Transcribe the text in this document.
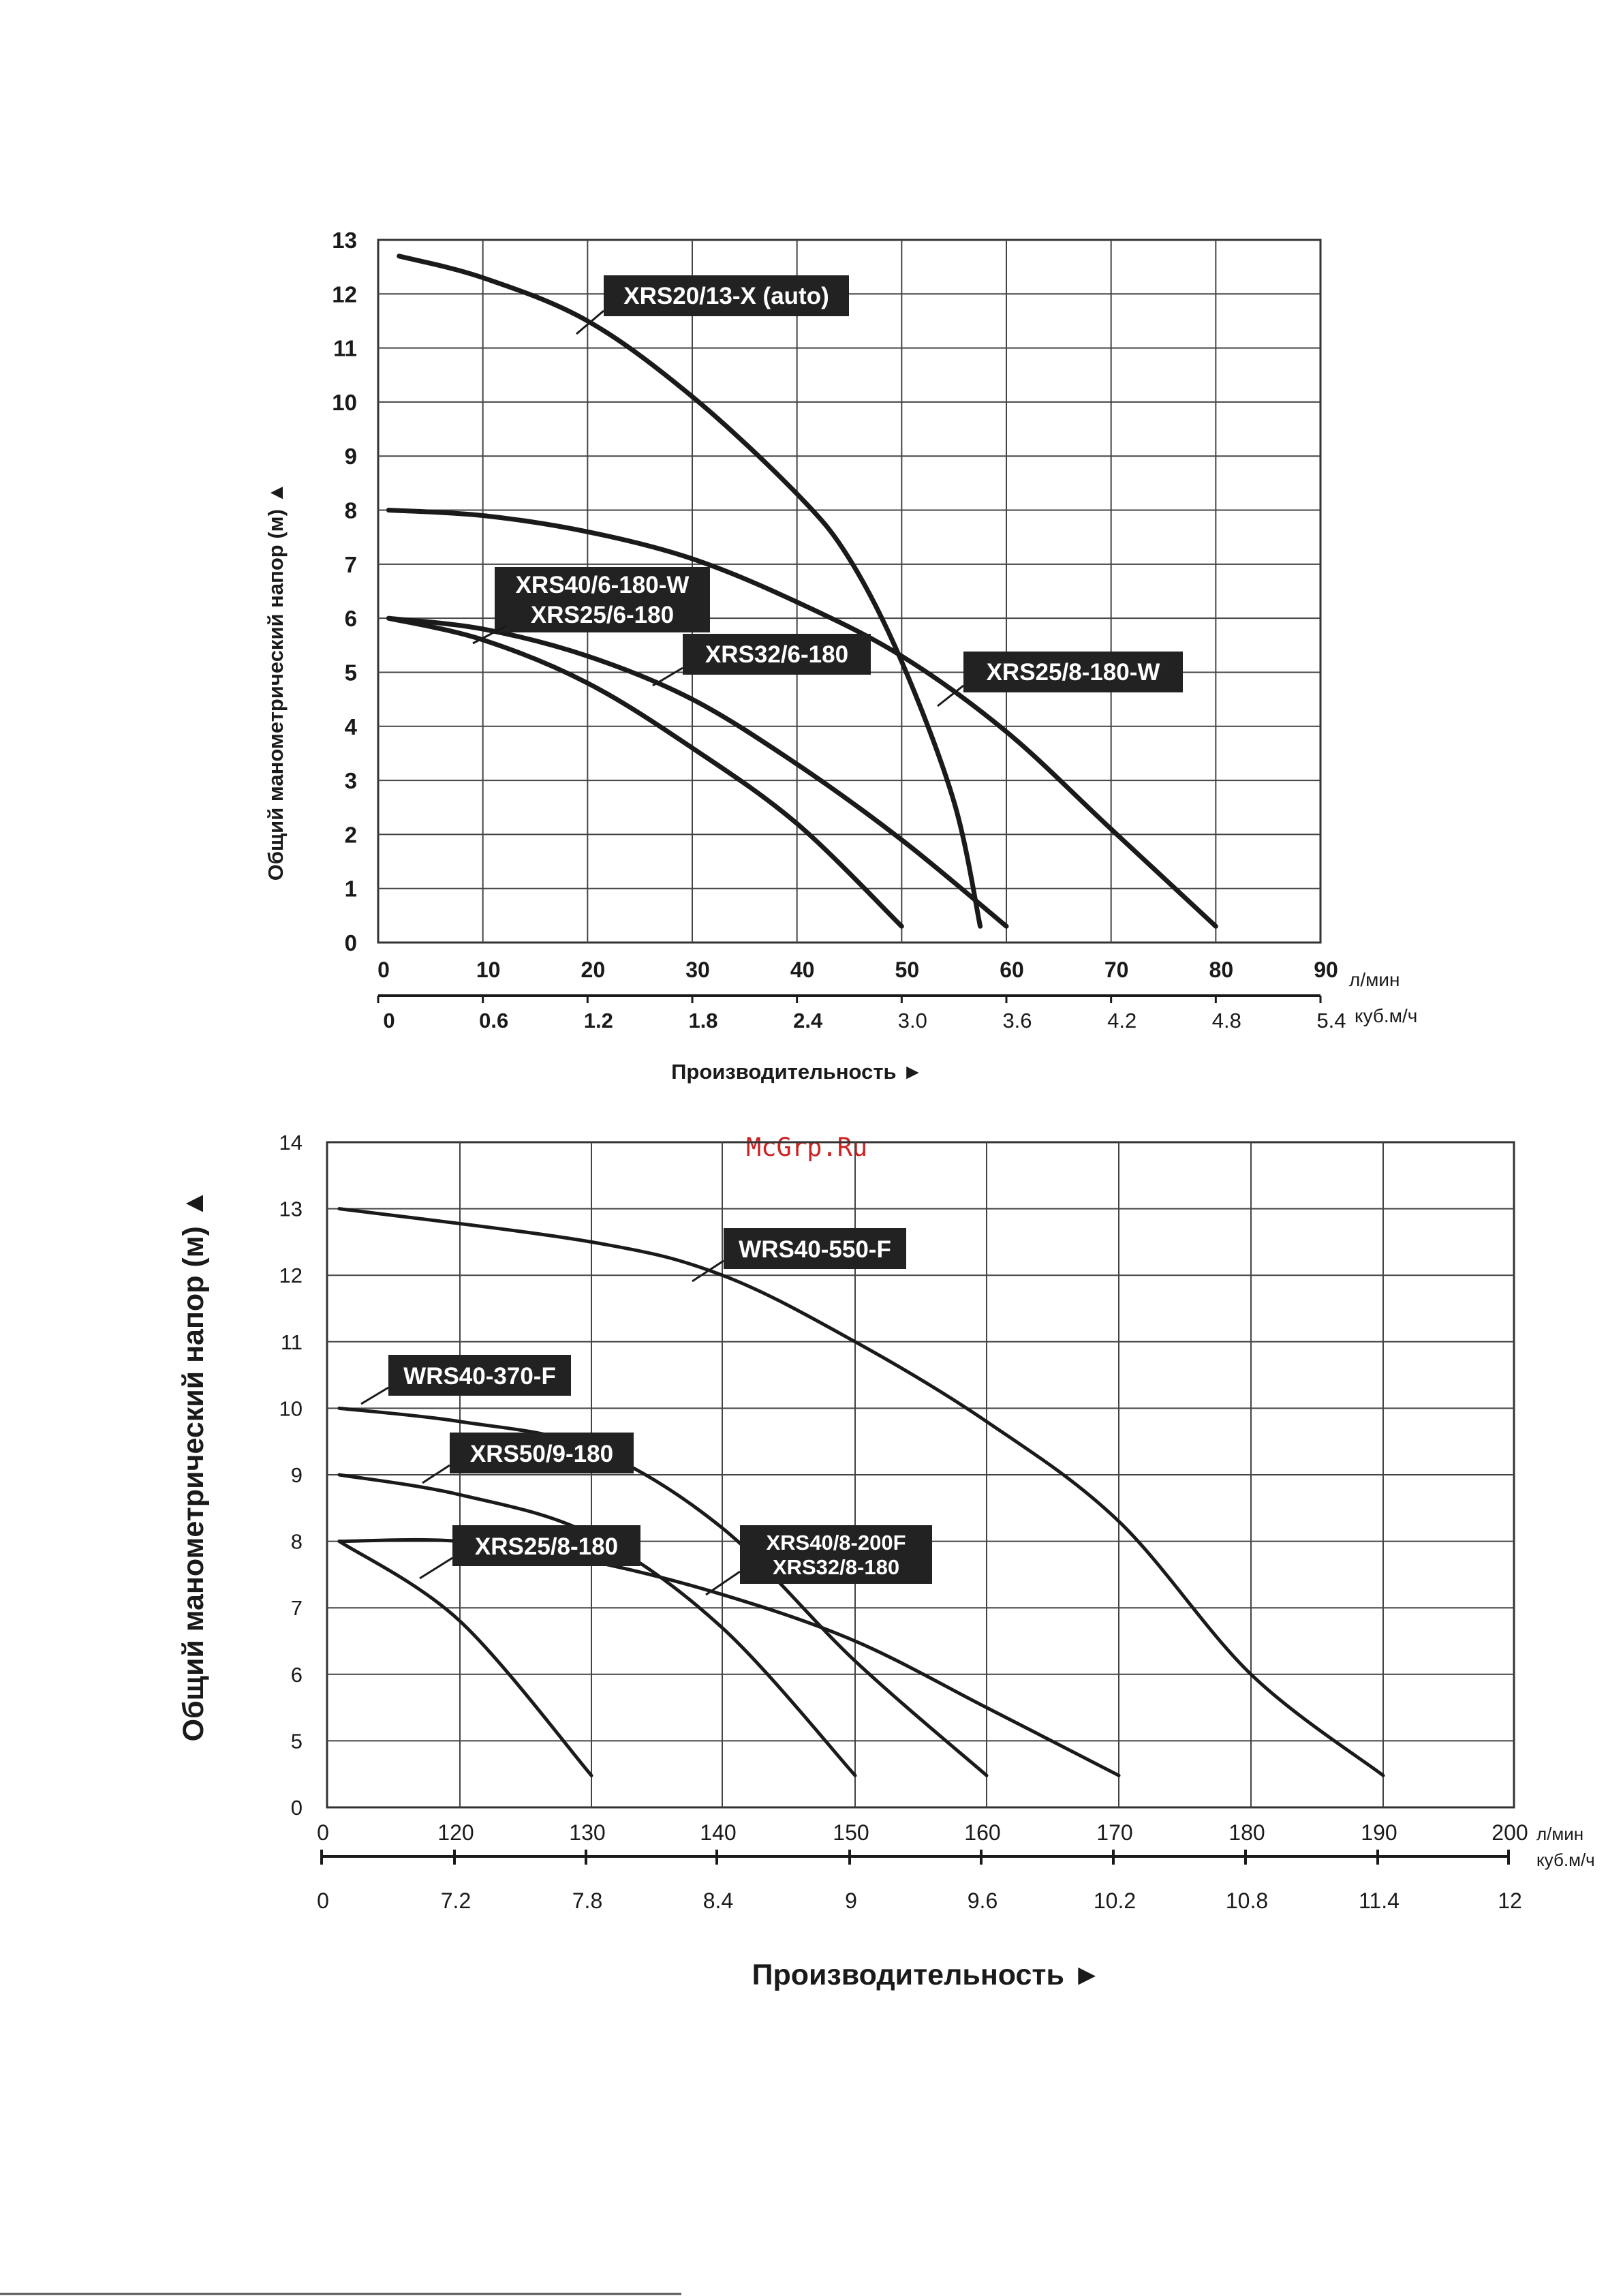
0
1
2
3
4
5
6
7
8
9
10
11
12
13
0	10	20	30	40	50	60	70	80	90
0	0.6	1.2	1.8	2.4	3.0	3.6	4.2	4.8	5.4
л/мин
куб.м/ч
Общий манометрический напор (м) ▲
Производительность ►
XRS20/13-X (auto)
XRS40/6-180-W
XRS25/6-180
XRS32/6-180
XRS25/8-180-W
McGrp.Ru
0
5
6
7
8
9
10
11
12
13
14
0	120	130	140	150	160	170	180	190	200
0	7.2	7.8	8.4	9	9.6	10.2	10.8	11.4	12
л/мин
куб.м/ч
Общий манометрический напор (м) ▲
Производительность ►
WRS40-550-F
WRS40-370-F
XRS50/9-180
XRS25/8-180	XRS40/8-200F
XRS32/8-180
